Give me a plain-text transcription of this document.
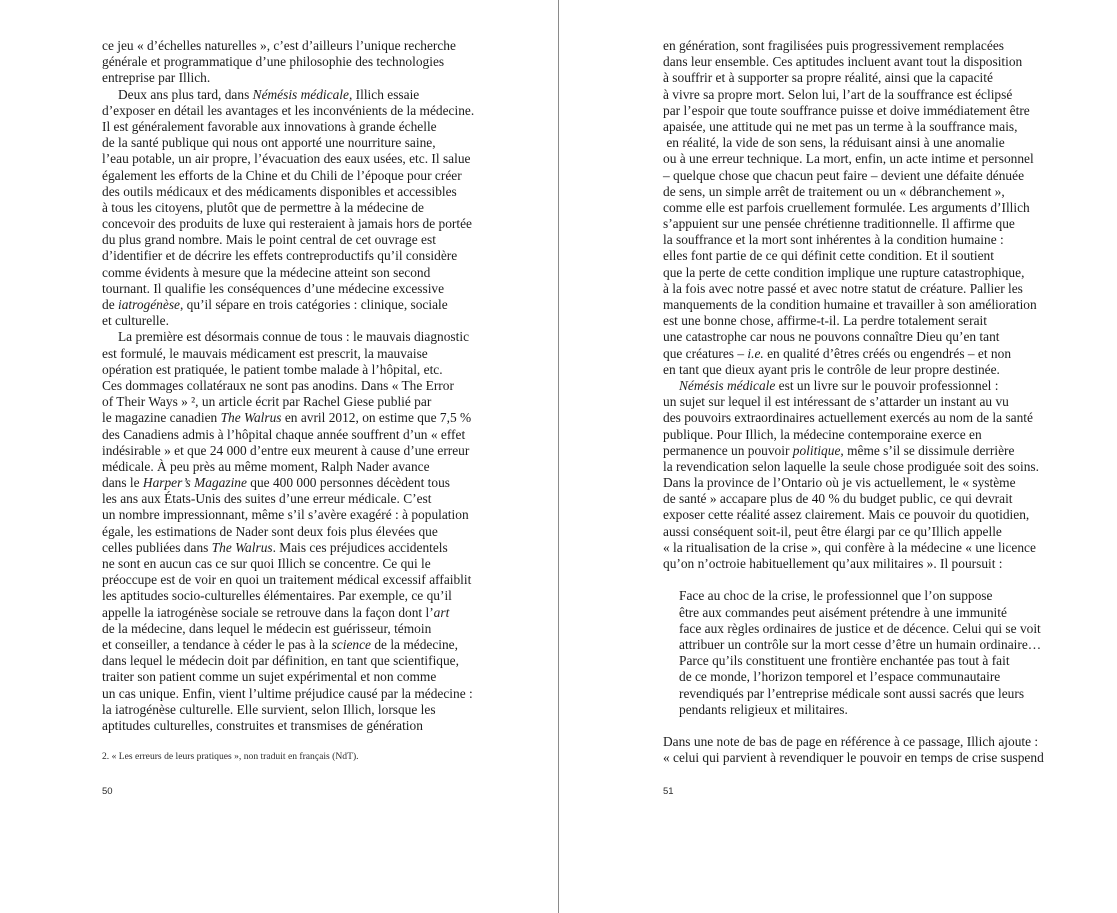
ce jeu « d’échelles naturelles », c’est d’ailleurs l’unique recherche
générale et programmatique d’une philosophie des technologies
entreprise par Illich.
Deux ans plus tard, dans Némésis médicale, Illich essaie
d’exposer en détail les avantages et les inconvénients de la médecine.
Il est généralement favorable aux innovations à grande échelle
de la santé publique qui nous ont apporté une nourriture saine,
l’eau potable, un air propre, l’évacuation des eaux usées, etc. Il salue
également les efforts de la Chine et du Chili de l’époque pour créer
des outils médicaux et des médicaments disponibles et accessibles
à tous les citoyens, plutôt que de permettre à la médecine de
concevoir des produits de luxe qui resteraient à jamais hors de portée
du plus grand nombre. Mais le point central de cet ouvrage est
d’identifier et de décrire les effets contreproductifs qu’il considère
comme évidents à mesure que la médecine atteint son second
tournant. Il qualifie les conséquences d’une médecine excessive
de iatrogénèse, qu’il sépare en trois catégories : clinique, sociale
et culturelle.
La première est désormais connue de tous : le mauvais diagnostic
est formulé, le mauvais médicament est prescrit, la mauvaise
opération est pratiquée, le patient tombe malade à l’hôpital, etc.
Ces dommages collatéraux ne sont pas anodins. Dans « The Error
of Their Ways » ², un article écrit par Rachel Giese publié par
le magazine canadien The Walrus en avril 2012, on estime que 7,5 %
des Canadiens admis à l’hôpital chaque année souffrent d’un « effet
indésirable » et que 24 000 d’entre eux meurent à cause d’une erreur
médicale. À peu près au même moment, Ralph Nader avance
dans le Harper’s Magazine que 400 000 personnes décèdent tous
les ans aux États-Unis des suites d’une erreur médicale. C’est
un nombre impressionnant, même s’il s’avère exagéré : à population
égale, les estimations de Nader sont deux fois plus élevées que
celles publiées dans The Walrus. Mais ces préjudices accidentels
ne sont en aucun cas ce sur quoi Illich se concentre. Ce qui le
préoccupe est de voir en quoi un traitement médical excessif affaiblit
les aptitudes socio-culturelles élémentaires. Par exemple, ce qu’il
appelle la iatrogénèse sociale se retrouve dans la façon dont l’art
de la médecine, dans lequel le médecin est guérisseur, témoin
et conseiller, a tendance à céder le pas à la science de la médecine,
dans lequel le médecin doit par définition, en tant que scientifique,
traiter son patient comme un sujet expérimental et non comme
un cas unique. Enfin, vient l’ultime préjudice causé par la médecine :
la iatrogénèse culturelle. Elle survient, selon Illich, lorsque les
aptitudes culturelles, construites et transmises de génération
2. « Les erreurs de leurs pratiques », non traduit en français (NdT).
50
en génération, sont fragilisées puis progressivement remplacées
dans leur ensemble. Ces aptitudes incluent avant tout la disposition
à souffrir et à supporter sa propre réalité, ainsi que la capacité
à vivre sa propre mort. Selon lui, l’art de la souffrance est éclipsé
par l’espoir que toute souffrance puisse et doive immédiatement être
apaisée, une attitude qui ne met pas un terme à la souffrance mais,
en réalité, la vide de son sens, la réduisant ainsi à une anomalie
ou à une erreur technique. La mort, enfin, un acte intime et personnel
– quelque chose que chacun peut faire – devient une défaite dénuée
de sens, un simple arrêt de traitement ou un « débranchement »,
comme elle est parfois cruellement formulée. Les arguments d’Illich
s’appuient sur une pensée chrétienne traditionnelle. Il affirme que
la souffrance et la mort sont inhérentes à la condition humaine :
elles font partie de ce qui définit cette condition. Et il soutient
que la perte de cette condition implique une rupture catastrophique,
à la fois avec notre passé et avec notre statut de créature. Pallier les
manquements de la condition humaine et travailler à son amélioration
est une bonne chose, affirme-t-il. La perdre totalement serait
une catastrophe car nous ne pouvons connaître Dieu qu’en tant
que créatures – i.e. en qualité d’êtres créés ou engendrés – et non
en tant que dieux ayant pris le contrôle de leur propre destinée.
Némésis médicale est un livre sur le pouvoir professionnel :
un sujet sur lequel il est intéressant de s’attarder un instant au vu
des pouvoirs extraordinaires actuellement exercés au nom de la santé
publique. Pour Illich, la médecine contemporaine exerce en
permanence un pouvoir politique, même s’il se dissimule derrière
la revendication selon laquelle la seule chose prodiguée soit des soins.
Dans la province de l’Ontario où je vis actuellement, le « système
de santé » accapare plus de 40 % du budget public, ce qui devrait
exposer cette réalité assez clairement. Mais ce pouvoir du quotidien,
aussi conséquent soit-il, peut être élargi par ce qu’Illich appelle
« la ritualisation de la crise », qui confère à la médecine « une licence
qu’on n’octroie habituellement qu’aux militaires ». Il poursuit :
Face au choc de la crise, le professionnel que l’on suppose
être aux commandes peut aisément prétendre à une immunité
face aux règles ordinaires de justice et de décence. Celui qui se voit
attribuer un contrôle sur la mort cesse d’être un humain ordinaire…
Parce qu’ils constituent une frontière enchantée pas tout à fait
de ce monde, l’horizon temporel et l’espace communautaire
revendiqués par l’entreprise médicale sont aussi sacrés que leurs
pendants religieux et militaires.
Dans une note de bas de page en référence à ce passage, Illich ajoute :
« celui qui parvient à revendiquer le pouvoir en temps de crise suspend
51
